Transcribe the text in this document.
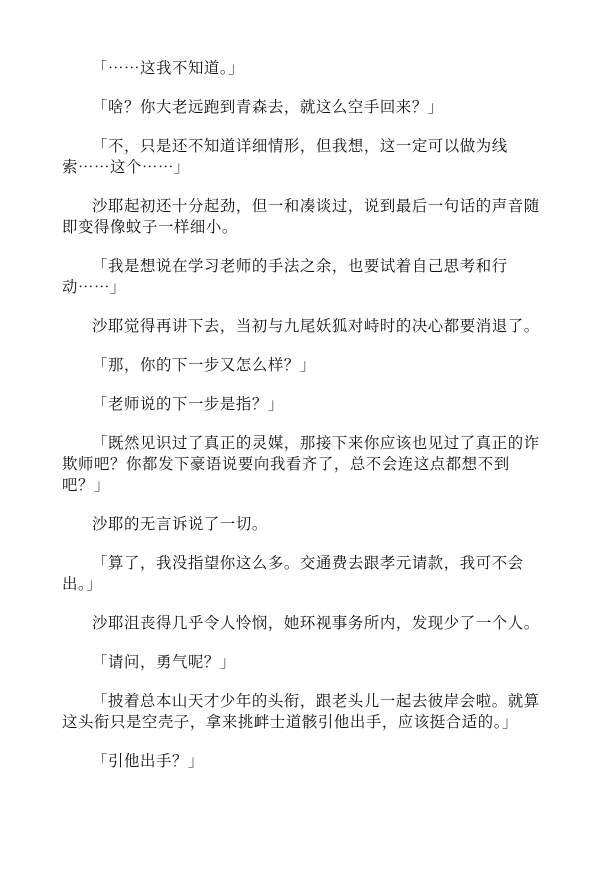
「⋯⋯这我不知道。」

「啥？你大老远跑到青森去，就这么空手回来？」

「不，只是还不知道详细情形，但我想，这一定可以做为线索⋯⋯这个⋯⋯」

沙耶起初还十分起劲，但一和凑谈过，说到最后一句话的声音随即变得像蚊子一样细小。

「我是想说在学习老师的手法之余，也要试着自己思考和行动⋯⋯」

沙耶觉得再讲下去，当初与九尾妖狐对峙时的决心都要消退了。

「那，你的下一步又怎么样？」

「老师说的下一步是指？」

「既然见识过了真正的灵媒，那接下来你应该也见过了真正的诈欺师吧？你都发下豪语说要向我看齐了，总不会连这点都想不到吧？」

沙耶的无言诉说了一切。

「算了，我没指望你这么多。交通费去跟孝元请款，我可不会出。」

沙耶沮丧得几乎令人怜悯，她环视事务所内，发现少了一个人。

「请问，勇气呢？」

「披着总本山天才少年的头衔，跟老头儿一起去彼岸会啦。就算这头衔只是空壳子，拿来挑衅士道骸引他出手，应该挺合适的。」

「引他出手？」
